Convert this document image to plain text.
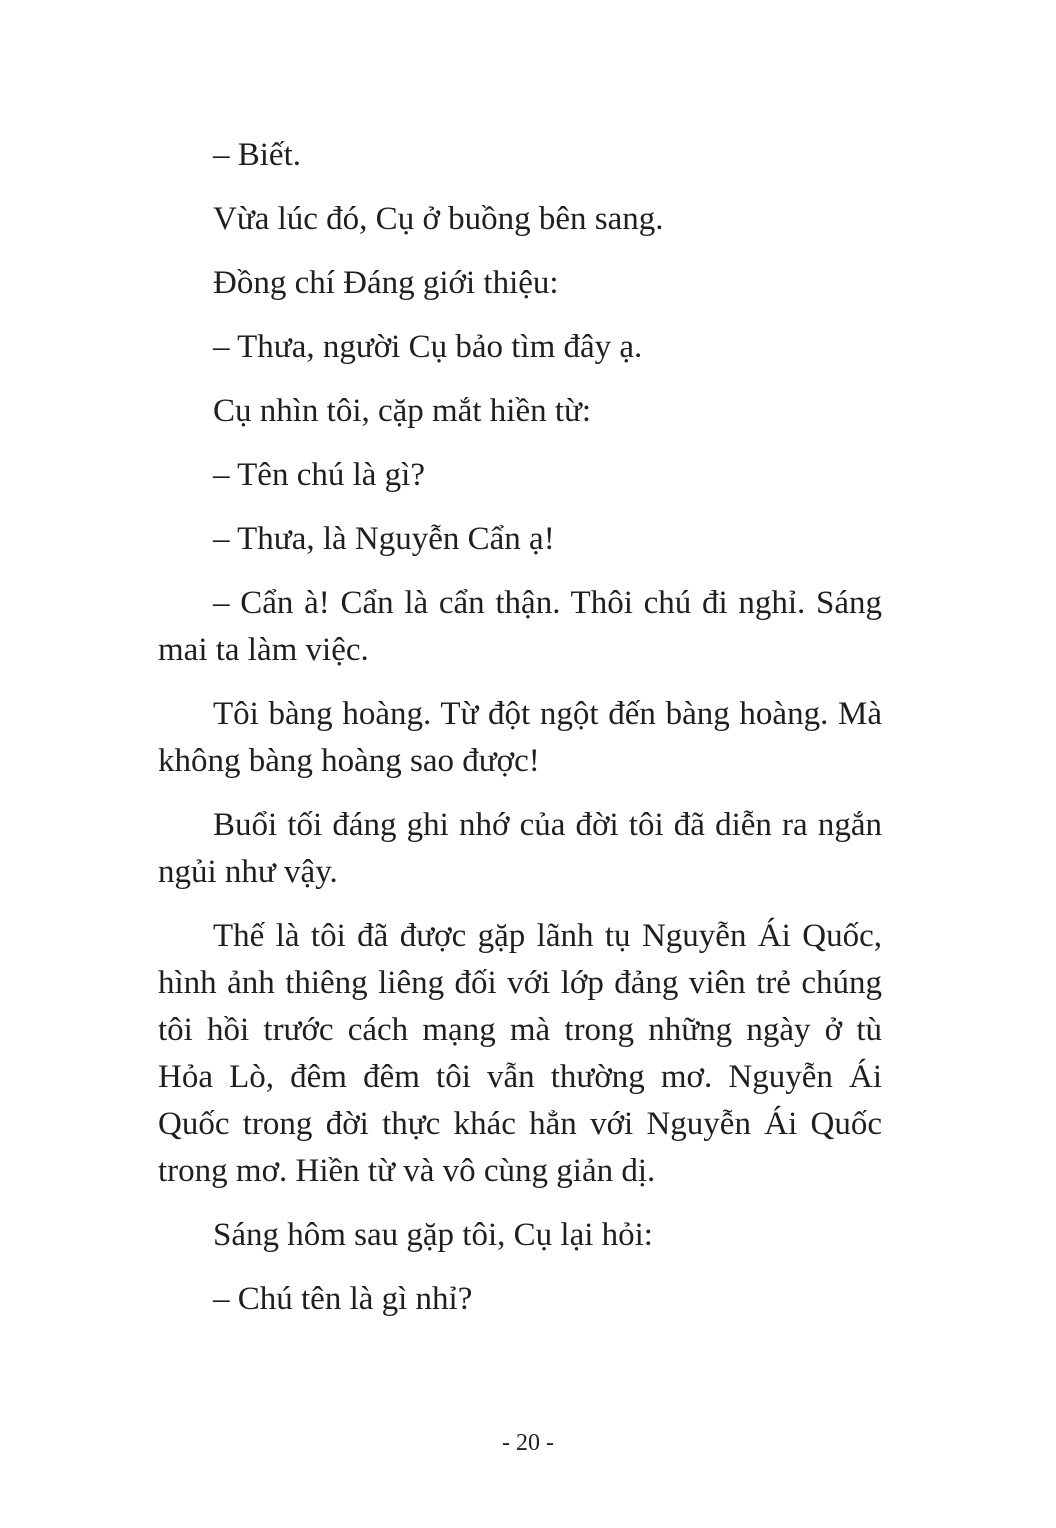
– Biết.

Vừa lúc đó, Cụ ở buồng bên sang.

Đồng chí Đáng giới thiệu:

– Thưa, người Cụ bảo tìm đây ạ.

Cụ nhìn tôi, cặp mắt hiền từ:

– Tên chú là gì?

– Thưa, là Nguyễn Cẩn ạ!

– Cẩn à! Cẩn là cẩn thận. Thôi chú đi nghỉ. Sáng mai ta làm việc.

Tôi bàng hoàng. Từ đột ngột đến bàng hoàng. Mà không bàng hoàng sao được!

Buổi tối đáng ghi nhớ của đời tôi đã diễn ra ngắn ngủi như vậy.

Thế là tôi đã được gặp lãnh tụ Nguyễn Ái Quốc, hình ảnh thiêng liêng đối với lớp đảng viên trẻ chúng tôi hồi trước cách mạng mà trong những ngày ở tù Hỏa Lò, đêm đêm tôi vẫn thường mơ. Nguyễn Ái Quốc trong đời thực khác hẳn với Nguyễn Ái Quốc trong mơ. Hiền từ và vô cùng giản dị.

Sáng hôm sau gặp tôi, Cụ lại hỏi:

– Chú tên là gì nhỉ?

- 20 -
